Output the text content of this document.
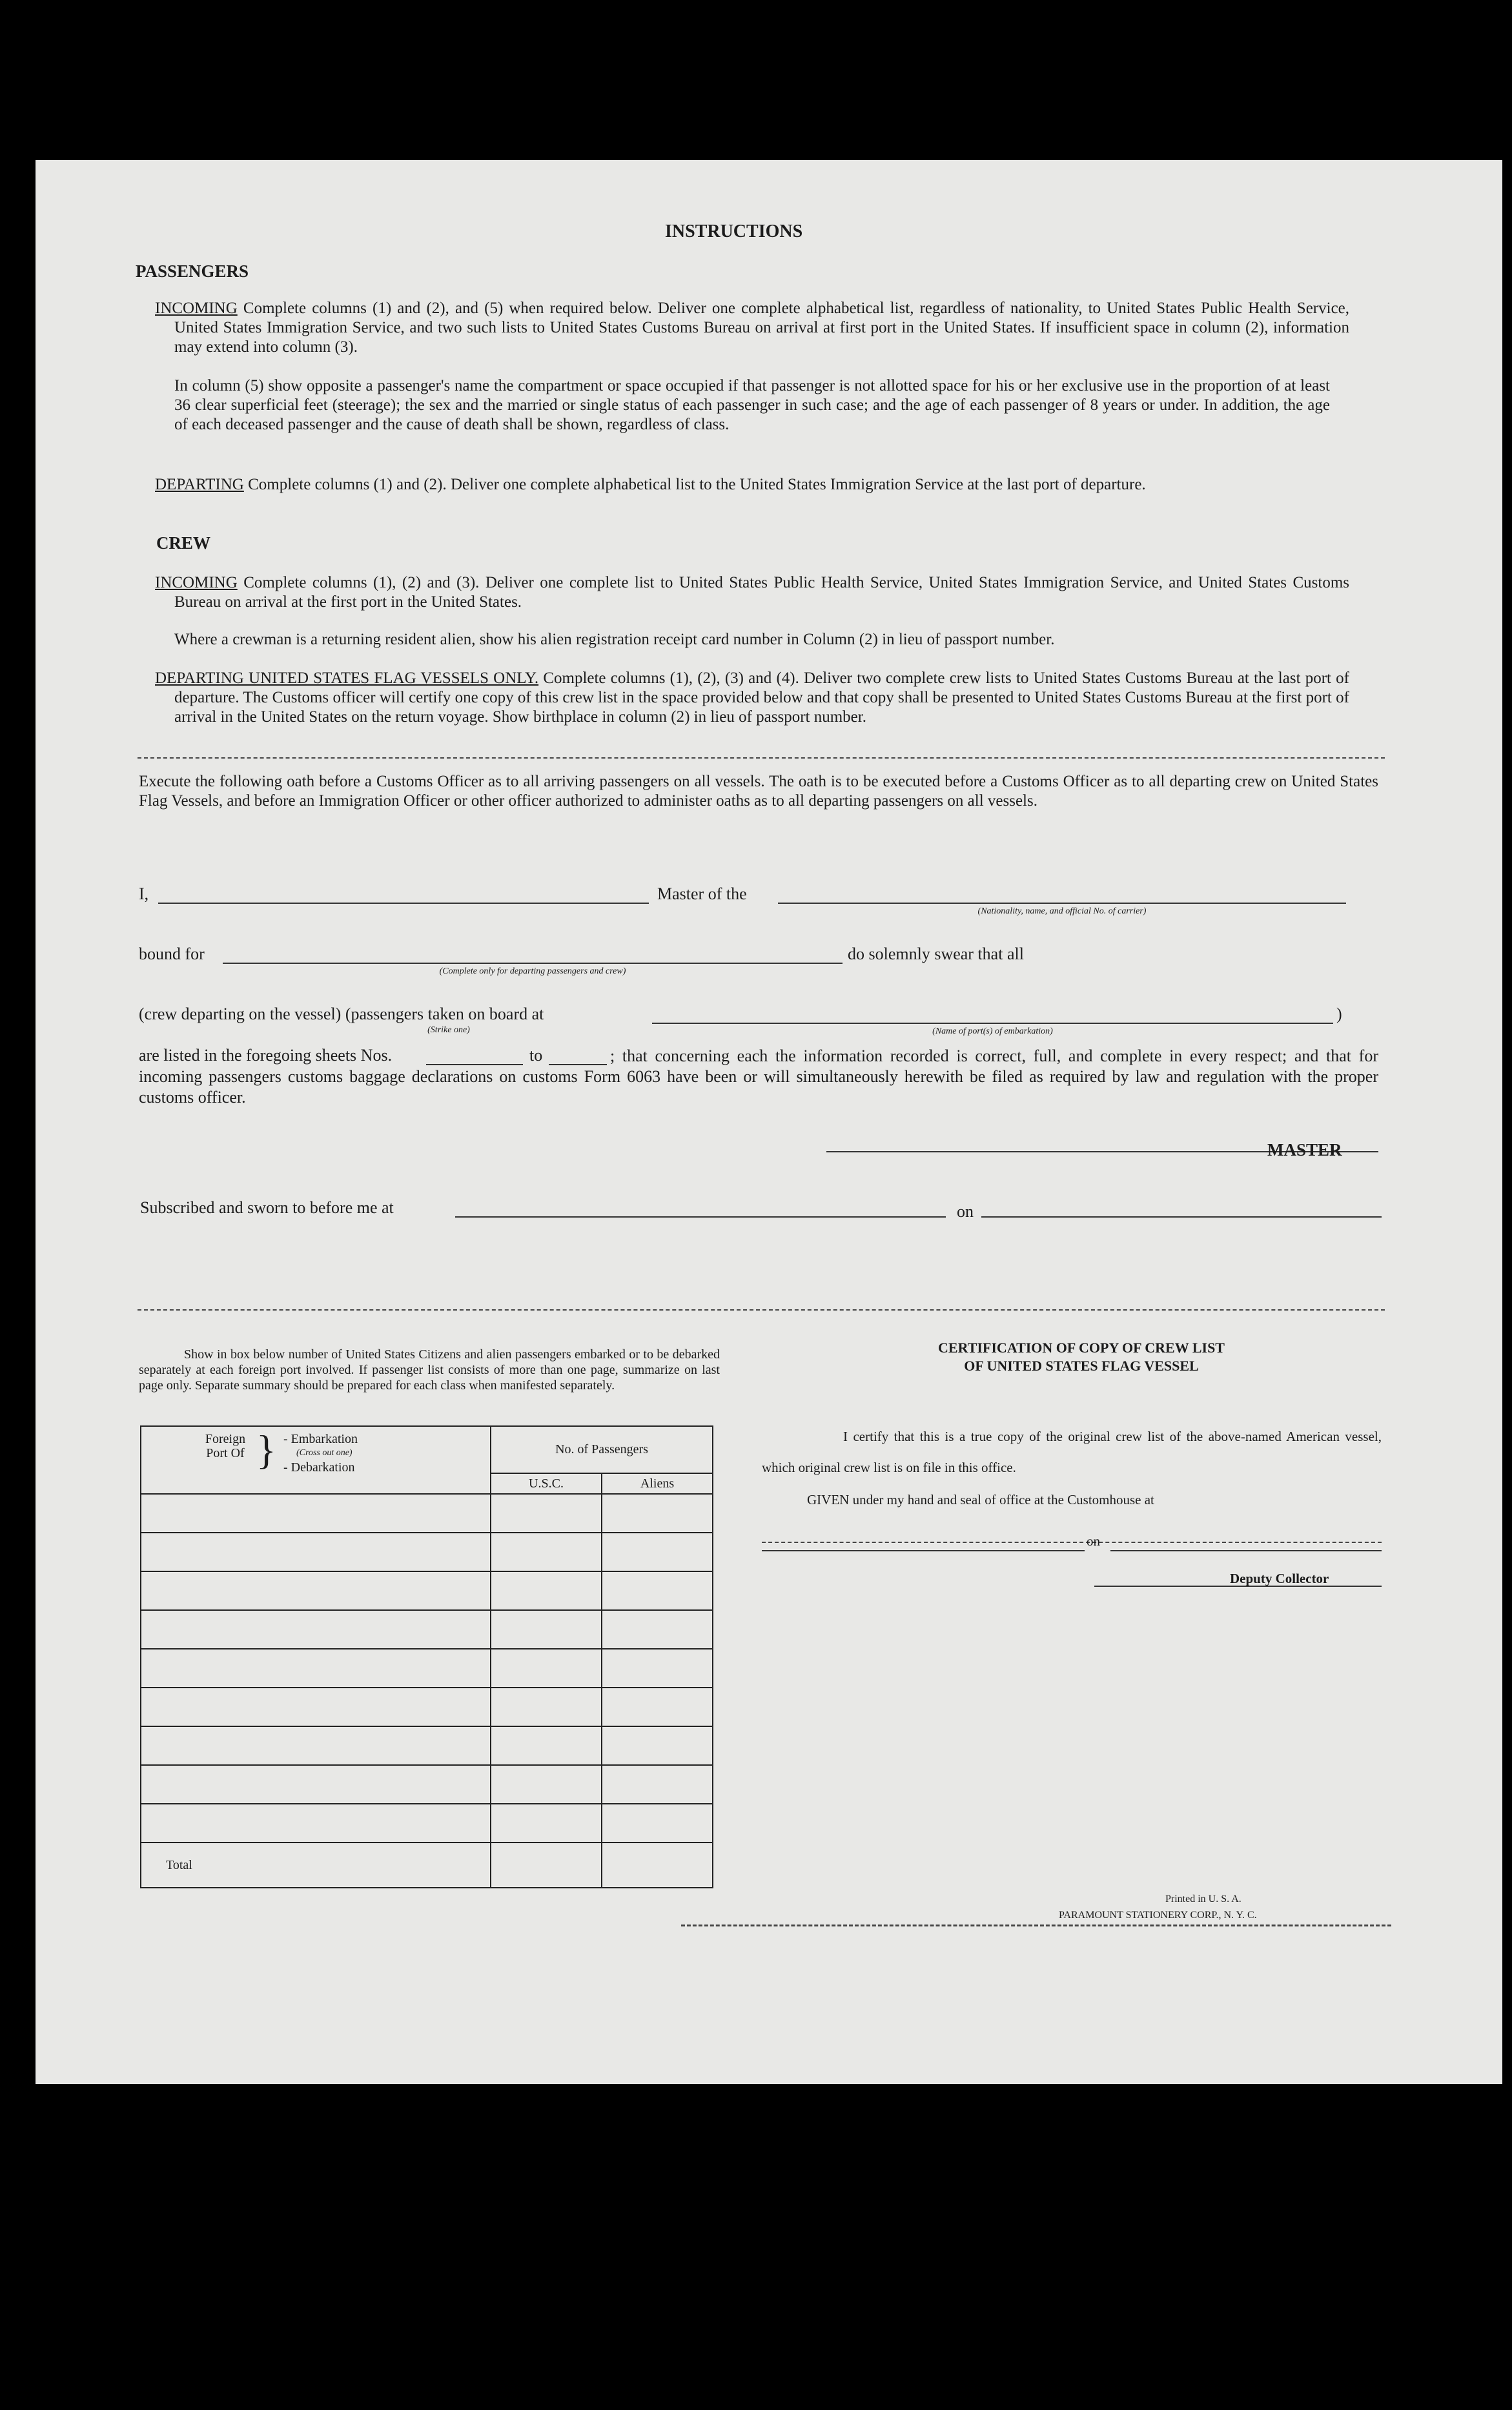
INSTRUCTIONS
PASSENGERS
INCOMING Complete columns (1) and (2), and (5) when required below. Deliver one complete alphabetical list, regardless of nationality, to United States Public Health Service, United States Immigration Service, and two such lists to United States Customs Bureau on arrival at first port in the United States. If insufficient space in column (2), information may extend into column (3).
In column (5) show opposite a passenger's name the compartment or space occupied if that passenger is not allotted space for his or her exclusive use in the proportion of at least 36 clear superficial feet (steerage); the sex and the married or single status of each passenger in such case; and the age of each passenger of 8 years or under. In addition, the age of each deceased passenger and the cause of death shall be shown, regardless of class.
DEPARTING Complete columns (1) and (2). Deliver one complete alphabetical list to the United States Immigration Service at the last port of departure.
CREW
INCOMING Complete columns (1), (2) and (3). Deliver one complete list to United States Public Health Service, United States Immigration Service, and United States Customs Bureau on arrival at the first port in the United States.
Where a crewman is a returning resident alien, show his alien registration receipt card number in Column (2) in lieu of passport number.
DEPARTING UNITED STATES FLAG VESSELS ONLY. Complete columns (1), (2), (3) and (4). Deliver two complete crew lists to United States Customs Bureau at the last port of departure. The Customs officer will certify one copy of this crew list in the space provided below and that copy shall be presented to United States Customs Bureau at the first port of arrival in the United States on the return voyage. Show birthplace in column (2) in lieu of passport number.
Execute the following oath before a Customs Officer as to all arriving passengers on all vessels. The oath is to be executed before a Customs Officer as to all departing crew on United States Flag Vessels, and before an Immigration Officer or other officer authorized to administer oaths as to all departing passengers on all vessels.
I,	Master of the
(Nationality, name, and official No. of carrier)
bound for
(Complete only for departing passengers and crew)
do solemnly swear that all
(crew departing on the vessel) (passengers taken on board at
(Strike one)	(Name of port(s) of embarkation)
)
are listed in the foregoing sheets Nos.	to	; that concerning each the information recorded is correct, full, and complete in every respect; and that for incoming passengers customs baggage declarations on customs Form 6063 have been or will simultaneously herewith be filed as required by law and regulation with the proper customs officer.
MASTER
Subscribed and sworn to before me at	on
Show in box below number of United States Citizens and alien passengers embarked or to be debarked separately at each foreign port involved. If passenger list consists of more than one page, summarize on last page only. Separate summary should be prepared for each class when manifested separately.
Foreign Port Of } - Embarkation
(Cross out one)
- Debarkation	No. of Passengers	
	U.S.C.	Aliens

Total		
CERTIFICATION OF COPY OF CREW LIST
OF UNITED STATES FLAG VESSEL
I certify that this is a true copy of the original crew list of the above-named American vessel, which original crew list is on file in this office.
GIVEN under my hand and seal of office at the Customhouse at
on
Deputy Collector
Printed in U. S. A.
PARAMOUNT STATIONERY CORP., N. Y. C.
